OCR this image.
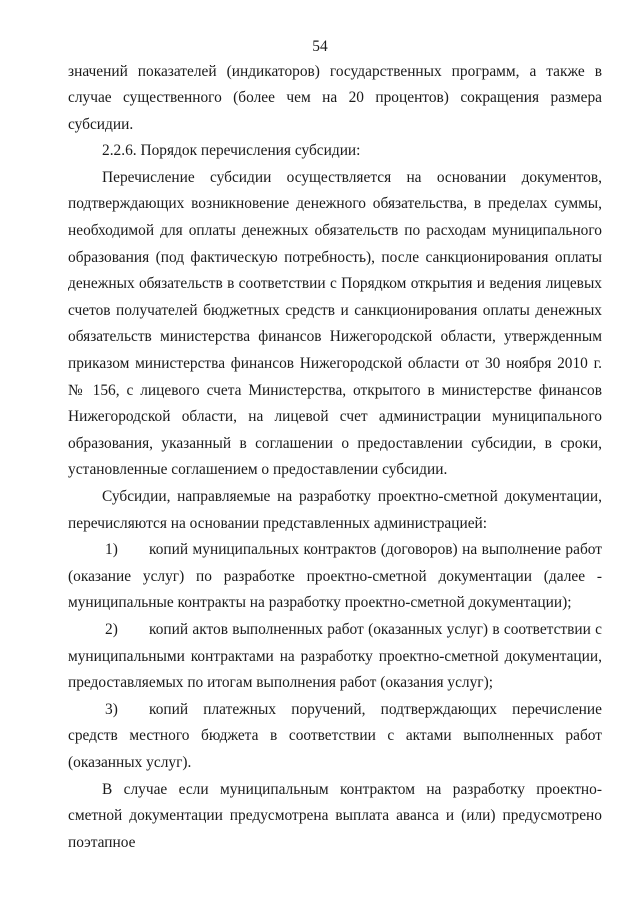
54

значений показателей (индикаторов) государственных программ, а также в случае существенного (более чем на 20 процентов) сокращения размера субсидии.

2.2.6. Порядок перечисления субсидии:

Перечисление субсидии осуществляется на основании документов, подтверждающих возникновение денежного обязательства, в пределах суммы, необходимой для оплаты денежных обязательств по расходам муниципального образования (под фактическую потребность), после санкционирования оплаты денежных обязательств в соответствии с Порядком открытия и ведения лицевых счетов получателей бюджетных средств и санкционирования оплаты денежных обязательств министерства финансов Нижегородской области, утвержденным приказом министерства финансов Нижегородской области от 30 ноября 2010 г. № 156, с лицевого счета Министерства, открытого в министерстве финансов Нижегородской области, на лицевой счет администрации муниципального образования, указанный в соглашении о предоставлении субсидии, в сроки, установленные соглашением о предоставлении субсидии.

Субсидии, направляемые на разработку проектно-сметной документации, перечисляются на основании представленных администрацией:

1) копий муниципальных контрактов (договоров) на выполнение работ (оказание услуг) по разработке проектно-сметной документации (далее - муниципальные контракты на разработку проектно-сметной документации);

2) копий актов выполненных работ (оказанных услуг) в соответствии с муниципальными контрактами на разработку проектно-сметной документации, предоставляемых по итогам выполнения работ (оказания услуг);

3) копий платежных поручений, подтверждающих перечисление средств местного бюджета в соответствии с актами выполненных работ (оказанных услуг).

В случае если муниципальным контрактом на разработку проектно-сметной документации предусмотрена выплата аванса и (или) предусмотрено поэтапное
